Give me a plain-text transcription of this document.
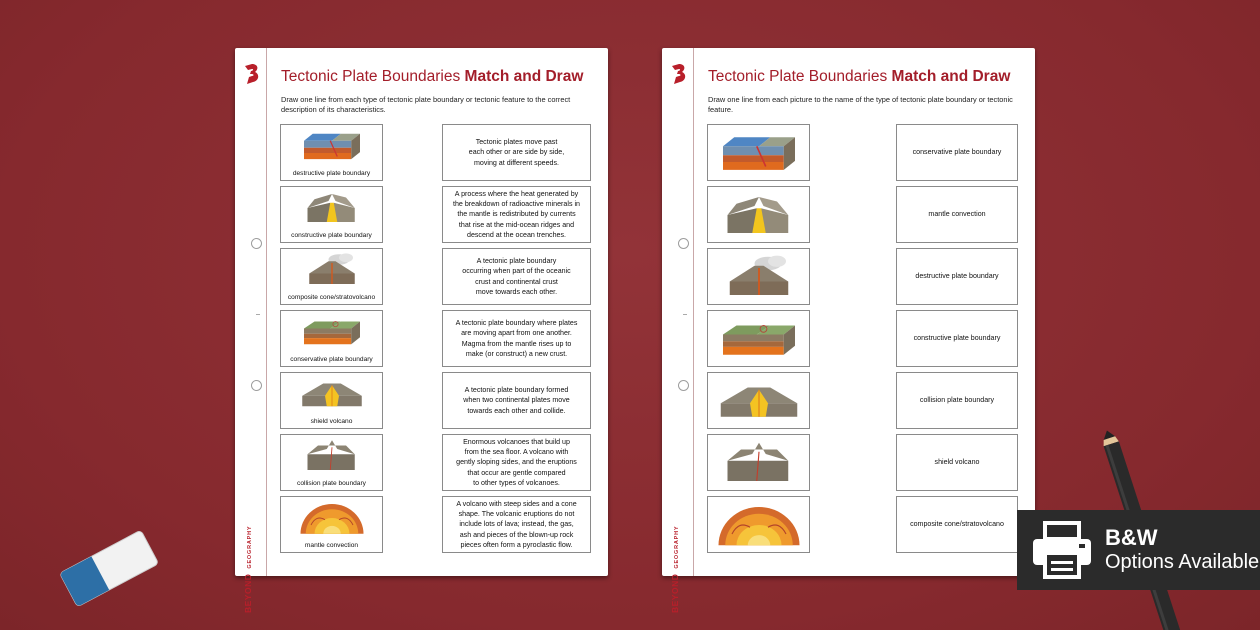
BEYONDGEOGRAPHY
Tectonic Plate Boundaries Match and Draw
Draw one line from each type of tectonic plate boundary or tectonic feature to the correct description of its characteristics.
destructive plate boundary
constructive plate boundary
composite cone/stratovolcano
conservative plate boundary
shield volcano
collision plate boundary
mantle convection
Tectonic plates move past
each other or are side by side,
moving at different speeds.
A process where the heat generated by
the breakdown of radioactive minerals in
the mantle is redistributed by currents
that rise at the mid-ocean ridges and
descend at the ocean trenches.
A tectonic plate boundary
occurring when part of the oceanic
crust and continental crust
move towards each other.
A tectonic plate boundary where plates
are moving apart from one another.
Magma from the mantle rises up to
make (or construct) a new crust.
A tectonic plate boundary formed
when two continental plates move
towards each other and collide.
Enormous volcanoes that build up
from the sea floor. A volcano with
gently sloping sides, and the eruptions
that occur are gentle compared
to other types of volcanoes.
A volcano with steep sides and a cone
shape. The volcanic eruptions do not
include lots of lava; instead, the gas,
ash and pieces of the blown-up rock
pieces often form a pyroclastic flow.
BEYONDGEOGRAPHY
Tectonic Plate Boundaries Match and Draw
Draw one line from each picture to the name of the type of tectonic plate boundary or tectonic feature.
conservative plate boundary
mantle convection
destructive plate boundary
constructive plate boundary
collision plate boundary
shield volcano
composite cone/stratovolcano
B&W
Options Available
